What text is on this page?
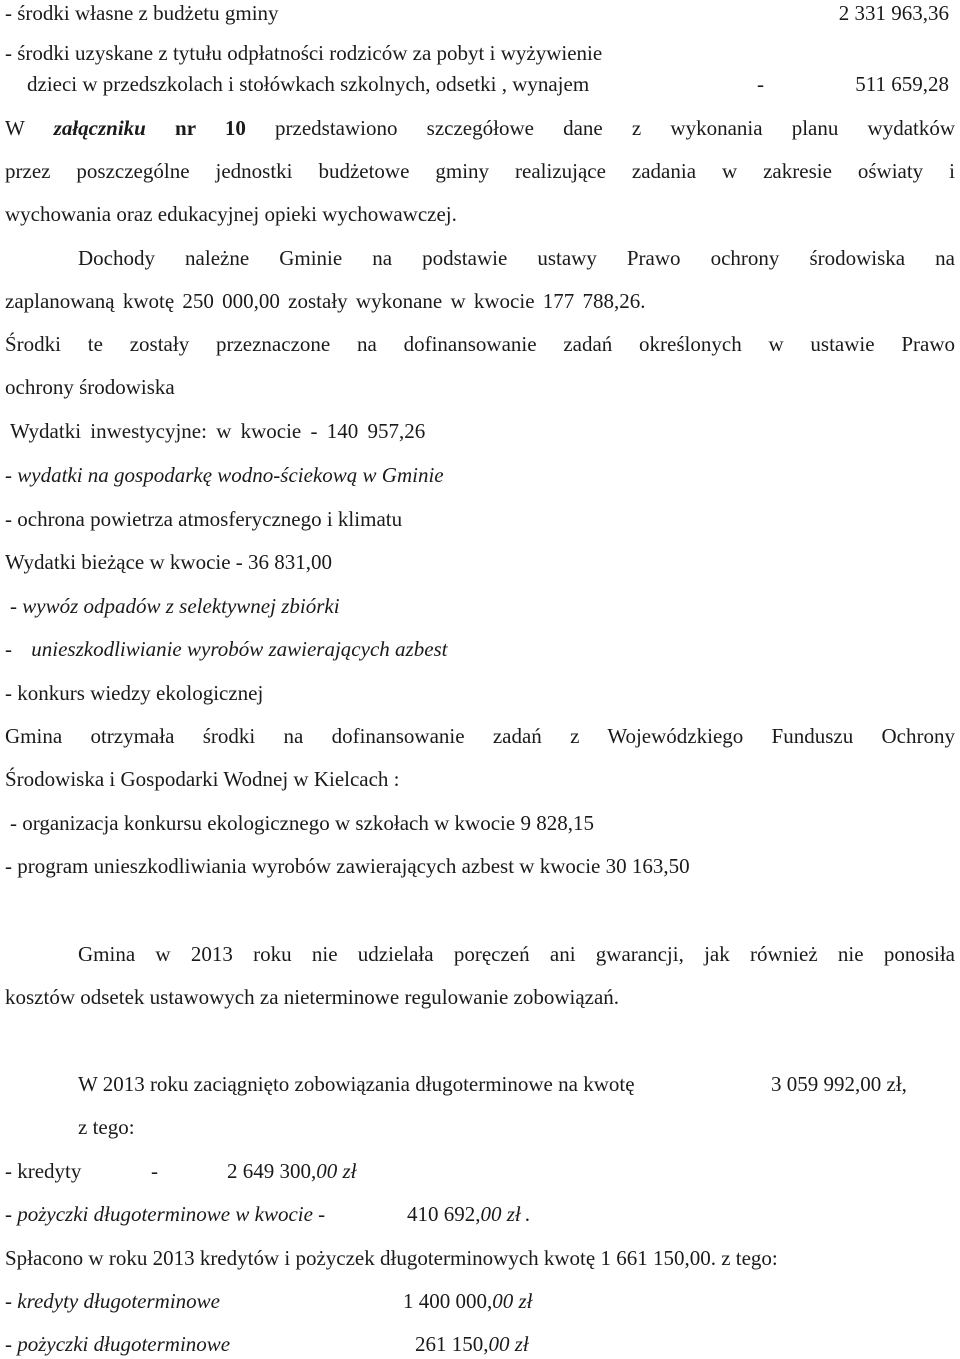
- środki własne z budżetu gminy	2 331 963,36
- środki uzyskane z tytułu odpłatności rodziców za pobyt i wyżywienie
dzieci w przedszkolach i stołówkach szkolnych, odsetki , wynajem	-	511 659,28
W załączniku nr 10 przedstawiono szczegółowe dane z wykonania planu wydatków
przez poszczególne jednostki budżetowe gminy realizujące zadania w zakresie oświaty i
wychowania oraz edukacyjnej opieki wychowawczej.
Dochody należne Gminie na podstawie ustawy Prawo ochrony środowiska na
zaplanowaną kwotę 250 000,00 zostały wykonane w kwocie 177 788,26.
Środki te zostały przeznaczone na dofinansowanie zadań określonych w ustawie Prawo
ochrony środowiska
Wydatki inwestycyjne: w kwocie - 140 957,26
- wydatki na gospodarkę wodno-ściekową w Gminie
- ochrona powietrza atmosferycznego i klimatu
Wydatki bieżące w kwocie - 36 831,00
- wywóz odpadów z selektywnej zbiórki
- unieszkodliwianie wyrobów zawierających azbest
- konkurs wiedzy ekologicznej
Gmina otrzymała środki na dofinansowanie zadań z Wojewódzkiego Funduszu Ochrony
Środowiska i Gospodarki Wodnej w Kielcach :
- organizacja konkursu ekologicznego w szkołach w kwocie 9 828,15
- program unieszkodliwiania wyrobów zawierających azbest w kwocie 30 163,50
Gmina w 2013 roku nie udzielała poręczeń ani gwarancji, jak również nie ponosiła
kosztów odsetek ustawowych za nieterminowe regulowanie zobowiązań.
W 2013 roku zaciągnięto zobowiązania długoterminowe na kwotę	3 059 992,00 zł,
z tego:
- kredyty	-	2 649 300,00 zł
- pożyczki długoterminowe w kwocie -	410 692,00 zł .
Spłacono w roku 2013 kredytów i pożyczek długoterminowych kwotę 1 661 150,00. z tego:
- kredyty długoterminowe	1 400 000,00 zł
- pożyczki długoterminowe	261 150,00 zł
